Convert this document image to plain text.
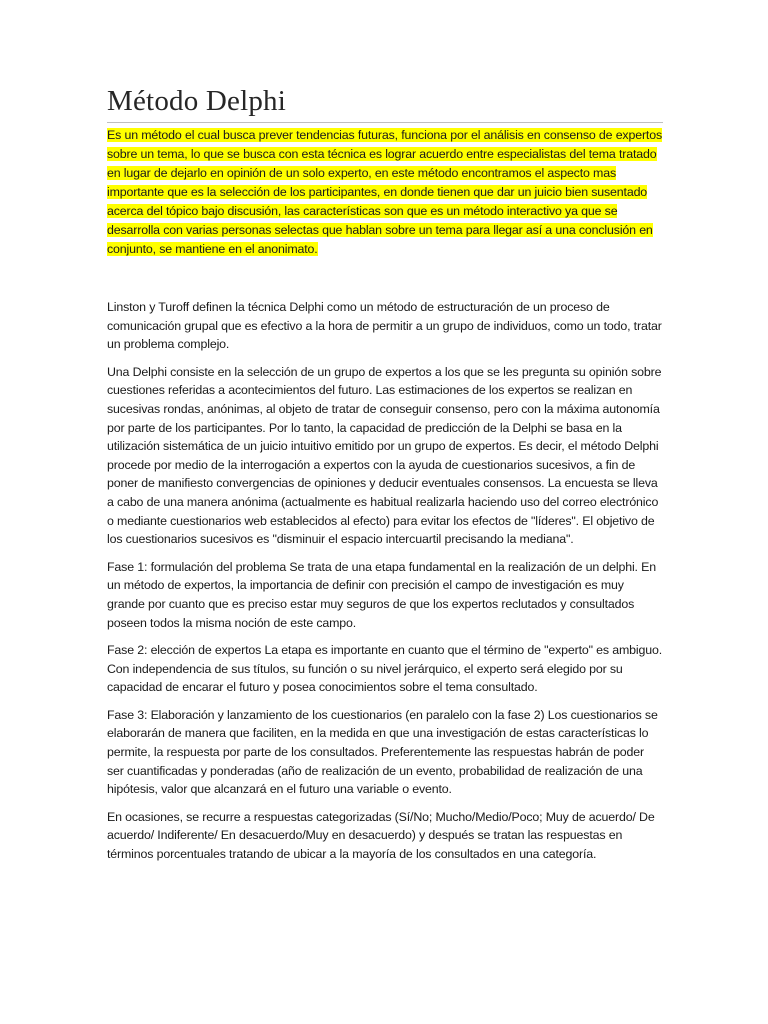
Método Delphi

Es un método el cual busca prever tendencias futuras, funciona por el análisis en consenso de expertos sobre un tema, lo que se busca con esta técnica es lograr acuerdo entre especialistas del tema tratado en lugar de dejarlo en opinión de un solo experto, en este método encontramos el aspecto mas importante que es la selección de los participantes, en donde tienen que dar un juicio bien susentado acerca del tópico bajo discusión, las características son que es un método interactivo ya que se desarrolla con varias personas selectas que hablan sobre un tema para llegar así a una conclusión en conjunto, se mantiene en el anonimato.

Linston y Turoff definen la técnica Delphi como un método de estructuración de un proceso de comunicación grupal que es efectivo a la hora de permitir a un grupo de individuos, como un todo, tratar un problema complejo.

Una Delphi consiste en la selección de un grupo de expertos a los que se les pregunta su opinión sobre cuestiones referidas a acontecimientos del futuro. Las estimaciones de los expertos se realizan en sucesivas rondas, anónimas, al objeto de tratar de conseguir consenso, pero con la máxima autonomía por parte de los participantes. Por lo tanto, la capacidad de predicción de la Delphi se basa en la utilización sistemática de un juicio intuitivo emitido por un grupo de expertos. Es decir, el método Delphi procede por medio de la interrogación a expertos con la ayuda de cuestionarios sucesivos, a fin de poner de manifiesto convergencias de opiniones y deducir eventuales consensos. La encuesta se lleva a cabo de una manera anónima (actualmente es habitual realizarla haciendo uso del correo electrónico o mediante cuestionarios web establecidos al efecto) para evitar los efectos de "líderes". El objetivo de los cuestionarios sucesivos es "disminuir el espacio intercuartil precisando la mediana".

Fase 1: formulación del problema Se trata de una etapa fundamental en la realización de un delphi. En un método de expertos, la importancia de definir con precisión el campo de investigación es muy grande por cuanto que es preciso estar muy seguros de que los expertos reclutados y consultados poseen todos la misma noción de este campo.

Fase 2: elección de expertos La etapa es importante en cuanto que el término de "experto" es ambiguo. Con independencia de sus títulos, su función o su nivel jerárquico, el experto será elegido por su capacidad de encarar el futuro y posea conocimientos sobre el tema consultado.

Fase 3: Elaboración y lanzamiento de los cuestionarios (en paralelo con la fase 2) Los cuestionarios se elaborarán de manera que faciliten, en la medida en que una investigación de estas características lo permite, la respuesta por parte de los consultados. Preferentemente las respuestas habrán de poder ser cuantificadas y ponderadas (año de realización de un evento, probabilidad de realización de una hipótesis, valor que alcanzará en el futuro una variable o evento.

En ocasiones, se recurre a respuestas categorizadas (Sí/No; Mucho/Medio/Poco; Muy de acuerdo/ De acuerdo/ Indiferente/ En desacuerdo/Muy en desacuerdo) y después se tratan las respuestas en términos porcentuales tratando de ubicar a la mayoría de los consultados en una categoría.
